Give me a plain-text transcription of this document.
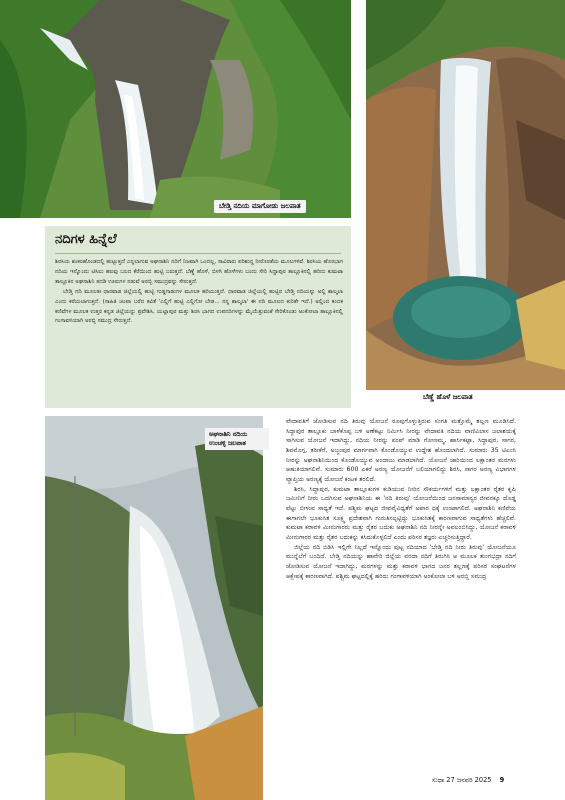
ಬೇಡ್ತಿ ನದಿಯ ಮಾಗೋಡು ಜಲಪಾತ
ಬೆಣ್ಣೆ ಹೊಳೆ ಜಲಪಾತ
ನದಿಗಳ ಹಿನ್ನೆಲೆ

ಶಿರಸಿಯ ಶಂಕರಹೊಂಡದಲ್ಲಿ ಹುಟ್ಟುತ್ತದೆ ಎನ್ನಲಾಗುವ ಅಘನಾಶಿನಿ ನದಿಗೆ ನಿಜವಾಗಿ ಒಂದಲ್ಲ, ಸಾವಿರಾರು ಪರಿಶುದ್ಧ ನೀರೊರತೆಯ ಮೂಲಗಳಿವೆ. ಶಿರಸಿಯ ಹೊರಭಾಗ ನದಿಯ ಇನ್ನೊಂದು ಟಿಸಿಲು ಹಲವು ಬಲದ ಕೆರೆಯಿಂದ ಹುಟ್ಟಿ ಬರುತ್ತದೆ. ಬೆಣ್ಣೆ ಹೊಳೆ, ಬಿಳಗಿ ಹೊಳೆಗಳು ಬಂದು ಸೇರಿ ಸಿದ್ದಾಪುರ ತಾಲ್ಲೂಕಿನಲ್ಲಿ ಹರಿದು ಕುಮಟಾ ತಾಲ್ಲೂಕಿನ ಅಘನಾಶಿನಿ ತದಡಿ ಊರುಗಳ ನಡುವೆ ಅರಬ್ಬಿ ಸಮುದ್ರವನ್ನು ಸೇರುತ್ತದೆ.

ಬೇಡ್ತಿ ನದಿ ಮೂಲತಃ ಧಾರವಾಡ ಜಿಲ್ಲೆಯಲ್ಲಿ ಹುಟ್ಟಿ ಗುಡ್ಡಗಾಡುಗಳ ಮೂಲಕ ಹರಿಯುತ್ತದೆ. ಧಾರವಾಡ ಜಿಲ್ಲೆಯಲ್ಲಿ ಹುಟ್ಟಿದ ಬೇಡ್ತಿ ನದಿಯನ್ನು ಅಲ್ಲಿ ಶಾಲ್ಮಲಾ ಎಂದು ಕರೆಯಲಾಗುತ್ತದೆ. (ಸಾಹಿತಿ ಚಂಪಾ ಬರೆದ ಕವಿತೆ 'ಎಲ್ಲಿಗೆ ಹುಟ್ಟಿ ಎಲ್ಲಿಗೋ ಬೇಡ... ನನ್ನ ಶಾಲ್ಮಲಾ' ಈ ನದಿ ಮೂಲದ ಕುರಿತೇ ಇದೆ.) ಅಲ್ಲಿಂದ ಕಂದಕ ಕಣಿವೆಗಳ ಮೂಲಕ ಉತ್ತರ ಕನ್ನಡ ಜಿಲ್ಲೆಯನ್ನು ಪ್ರವೇಶಿಸಿ, ಯಲ್ಲಾಪುರ ಮತ್ತು ಶಿರಸಿ ಭಾಗದ ಉಪನದಿಗಳನ್ನು ಮೈಯೆತ್ತುವಂತೆ ಸೇರಿಕೊಂಡು ಅಂಕೋಲಾ ತಾಲ್ಲೂಕಿನಲ್ಲಿ ಗಂಗಾವಳಿಯಾಗಿ ಅರಬ್ಬಿ ಸಮುದ್ರ ಸೇರುತ್ತದೆ.

ಅಘನಾಶಿನಿ ನದಿಯ ಉಂಚಳ್ಳಿ ಜಲಪಾತ

ವೇದಾವತಿಗೆ ಜೋಡಿಸುವ ನದಿ ತಿರುವು ಯೋಜನೆ ರೂಪುಗೊಳ್ಳುತ್ತಿರುವ ಸಂಗತಿ ಮತ್ತೊಮ್ಮೆ ತಲ್ಲಣ ಮೂಡಿಸಿದೆ. ಸಿದ್ದಾಪುರ ತಾಲ್ಲೂಕು ಬಾಳೆಕೊಪ್ಪ ಬಳಿ ಅಣೆಕಟ್ಟು ನಿರ್ಮಿಸಿ ನೀರನ್ನು ವೇದಾವತಿ ನದಿಯ ವಾಣಿವಿಲಾಸ ಜಲಾಶಯಕ್ಕೆ ಸಾಗಿಸುವ ಯೋಜನೆ ಇದಾಗಿದ್ದು, ನದಿಯ ನೀರನ್ನು ಪಂಪ್ ಮಾಡಿ ಗೋಣಮ್ಮ, ಹಾರ್ಸಿಕಟ್ಟಾ, ಸಿದ್ದಾಪುರ, ಸಾಗರ, ಶಿವಮೊಗ್ಗ, ತರೀಕೆರೆ, ಅಜ್ಜಂಪುರ ಮಾರ್ಗವಾಗಿ ಕೊಂಡೊಯ್ಯುವ ಉದ್ದೇಶ ಹೊಂದಲಾಗಿದೆ. ಸುಮಾರು 35 ಟಿಎಂಸಿ ನೀರನ್ನು ಅಘನಾಶಿನಿಯಿಂದ ಕೊಂಡೊಯ್ಯುವ ಅಂದಾಜು ಮಾಡಲಾಗಿದೆ. ಯೋಜನೆ ಜಾರಿಯಿಂದ ಲಕ್ಷಾಂತರ ಮರಗಳು ಆಹುತಿಯಾಗಲಿವೆ. ಸುಮಾರು 600 ಎಕರೆ ಅರಣ್ಯ ಯೋಜನೆಗೆ ಬಲಿಯಾಗಲಿದ್ದು ಶಿರಸಿ, ಸಾಗರ ಅರಣ್ಯ ವಿಭಾಗಗಳ ವ್ಯಾಪ್ತಿಯ ಅರಣ್ಯಕ್ಕೆ ಯೋಜನೆ ಕಂಟಕ ತರಲಿದೆ.

ಶಿರಸಿ, ಸಿದ್ದಾಪುರ, ಕುಮಟಾ ತಾಲ್ಲೂಕುಗಳ ಕುಡಿಯುವ ನೀರಿನ ಸೌಕರ್ಯಗಳಿಗೆ ಮತ್ತು ಲಕ್ಷಾಂತರ ರೈತರ ಕೃಷಿ ಜಮೀನಿಗೆ ನೀರು ಒದಗಿಸುವ ಅಘನಾಶಿನಿಯ ಈ 'ನದಿ ತಿರುವು' ಯೋಜನೆಯಿಂದ ಜನಸಾಮಾನ್ಯರ ಜೀವನಕ್ಕೂ ದೊಡ್ಡ ಪೆಟ್ಟು ಬೀಳುವ ಸಾಧ್ಯತೆ ಇದೆ. ಪಶ್ಚಿಮ ಘಟ್ಟದ ಜೀವವೈವಿಧ್ಯತೆಗೆ ಅಪಾರ ಧಕ್ಕೆ ಉಂಟಾಗಲಿದೆ. ಅಘನಾಶಿನಿ ಕಣಿವೆಯ ಈಗಾಗಲೇ ಭೂಕುಸಿತ ಸೂಕ್ಷ್ಮ ಪ್ರದೇಶವಾಗಿ ಗುರುತಿಸಲ್ಪಟ್ಟಿದ್ದು ಭೂಕುಸಿತಕ್ಕೆ ಕಾರಣವಾಗುವ ಸಾಧ್ಯತೆಗಳು ಹೆಚ್ಚಲಿವೆ. ಕುಮಟಾ ಕರಾವಳಿ ಮೀನುಗಾರರು ಮತ್ತು ರೈತರ ಬದುಕು ಅಘನಾಶಿನಿ ನದಿ ನೀರನ್ನೇ ಅವಲಂಬಿಸಿದ್ದು, ಯೋಜನೆ ಕರಾವಳಿ ಮೀನುಗಾರರ ಮತ್ತು ರೈತರ ಬದುಕನ್ನು ಕಸಿದುಕೊಳ್ಳಲಿದೆ ಎಂದು ಪರಿಸರ ತಜ್ಞರು ಎಚ್ಚರಿಸುತ್ತಿದ್ದಾರೆ.

ಜಿಲ್ಲೆಯ ನದಿ ಬಿಡಿಸಿ ಇಲ್ಲಿಗೇ ನಿಲ್ಲದೆ ಇನ್ನೊಂದು ಪುಟ್ಟ ನದಿಯಾದ 'ಬೇಡ್ತಿ ನದಿ ನೀರು ತಿರುವು' ಯೋಜನೆಯೂ ಮುನ್ನೆಲೆಗೆ ಬಂದಿದೆ. ಬೇಡ್ತಿ ನದಿಯನ್ನು ಹಾವೇರಿ ಜಿಲ್ಲೆಯ ವರದಾ ನದಿಗೆ ತಿರುಗಿಸಿ ಆ ಮೂಲಕ ತುಂಗಭದ್ರಾ ನದಿಗೆ ಜೋಡಿಸುವ ಯೋಜನೆ ಇದಾಗಿದ್ದು, ಮರಗಳನ್ನು ಮತ್ತು ಕರಾವಳಿ ಭಾಗದ ಜನರ ತಲ್ಲಣಕ್ಕೆ ಪರಿಸರ ಸಂಘಟನೆಗಳ ಆಕ್ಷೇಪಕ್ಕೆ ಕಾರಣವಾಗಿದೆ. ಪಶ್ಚಿಮ ಘಟ್ಟದಲ್ಲಿಕ್ಕೆ ಹರಿದು ಗಂಗಾವಳಿಯಾಗಿ ಅಂಕೋಲಾ ಬಳಿ ಅರಬ್ಬಿ ಸಮುದ್ರ

ಸುಧಾ 27 ಜನವರಿ 2025 9
